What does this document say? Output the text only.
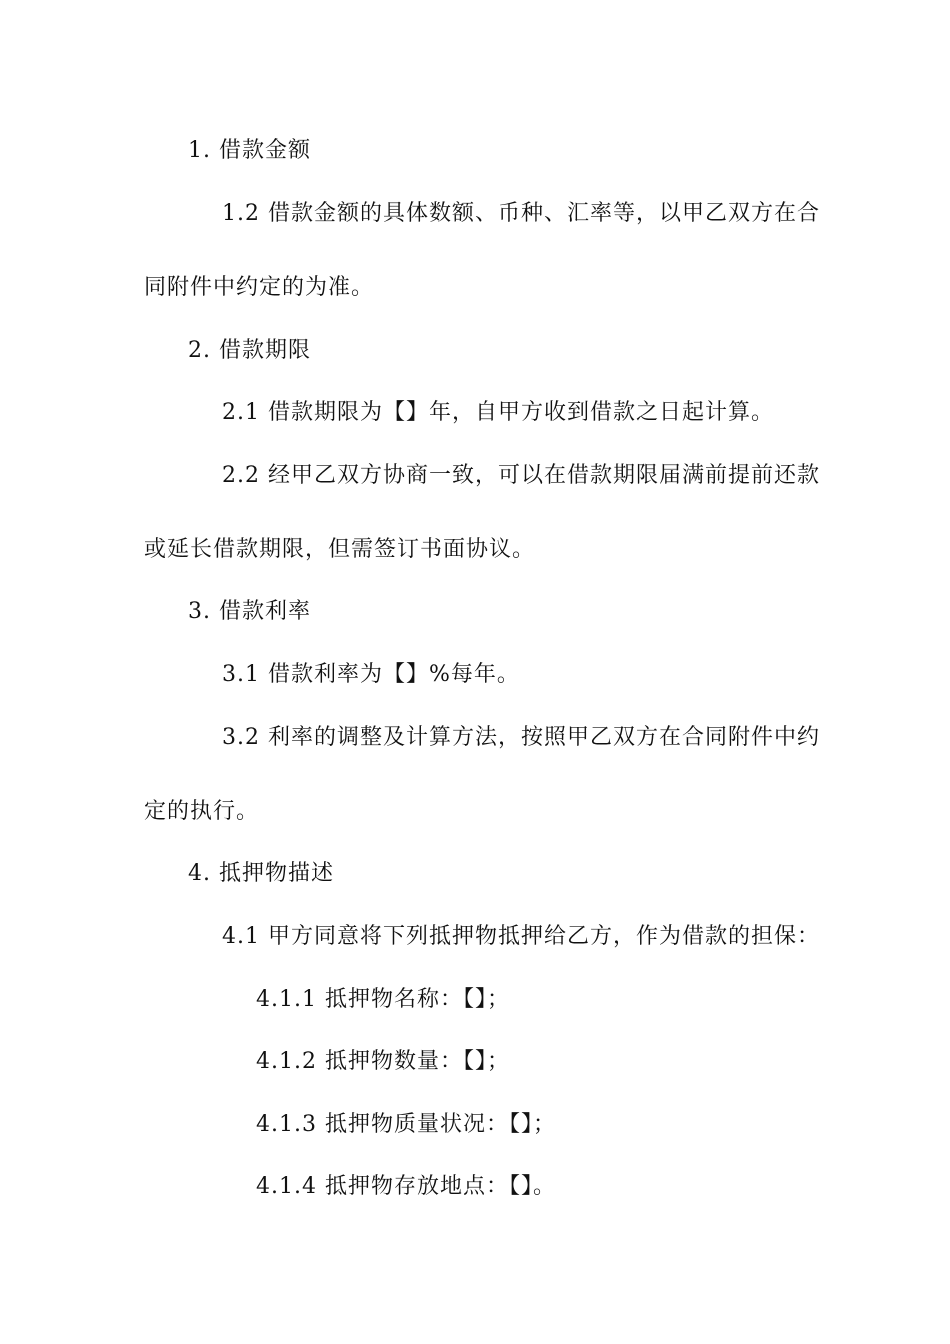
1. 借款金额
1.2 借款金额的具体数额、币种、汇率等，以甲乙双方在合
同附件中约定的为准。
2. 借款期限
2.1 借款期限为【】年，自甲方收到借款之日起计算。
2.2 经甲乙双方协商一致，可以在借款期限届满前提前还款
或延长借款期限，但需签订书面协议。
3. 借款利率
3.1 借款利率为【】%每年。
3.2 利率的调整及计算方法，按照甲乙双方在合同附件中约
定的执行。
4. 抵押物描述
4.1 甲方同意将下列抵押物抵押给乙方，作为借款的担保：
4.1.1 抵押物名称：【】；
4.1.2 抵押物数量：【】；
4.1.3 抵押物质量状况：【】；
4.1.4 抵押物存放地点：【】。
